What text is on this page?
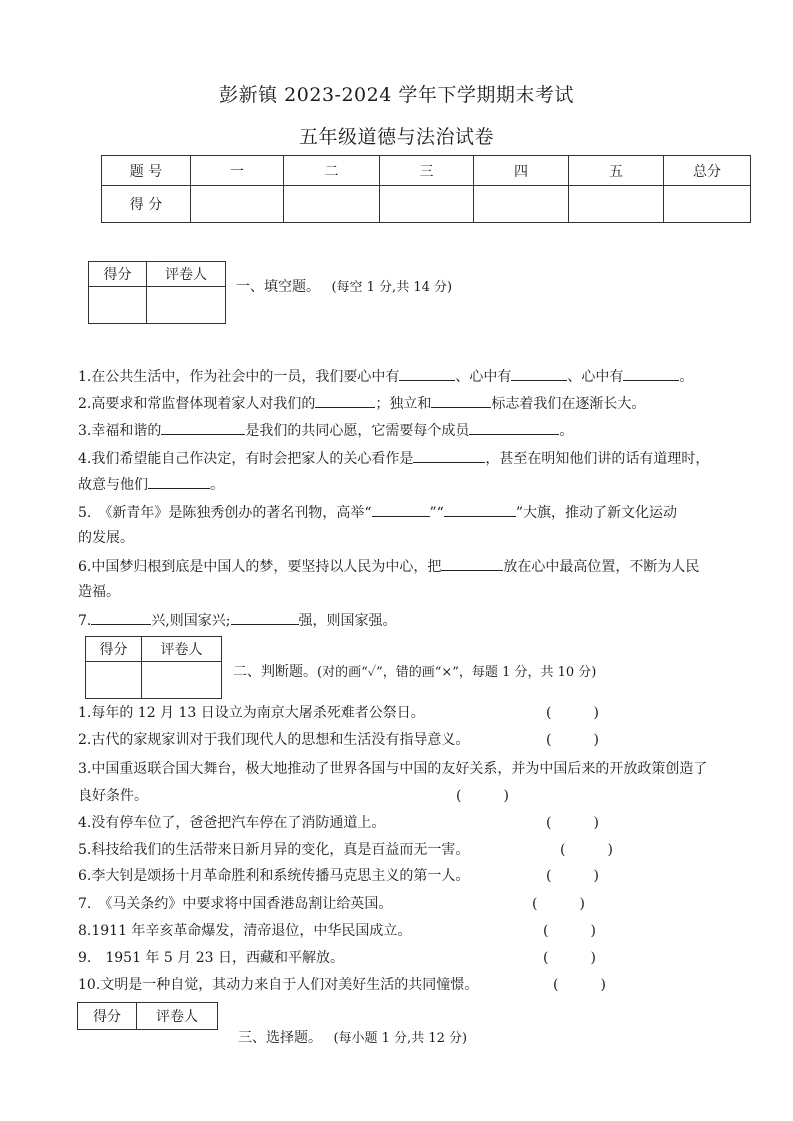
彭新镇 2023-2024 学年下学期期末考试
五年级道德与法治试卷
题 号	一	二	三	四	五	总分
得 分						
得分	评卷人

一、填空题。　 (每空 1 分,共 14 分)
1.在公共生活中，作为社会中的一员，我们要心中有	、心中有	、心中有	。
2.高要求和常监督体现着家人对我们的	；独立和	标志着我们在逐渐长大。
3.幸福和谐的	是我们的共同心愿，它需要每个成员	。
4.我们希望能自己作决定，有时会把家人的关心看作是	，甚至在明知他们讲的话有道理时，
故意与他们	。
5.　《新青年》是陈独秀创办的著名刊物，高举“	”“	”大旗，推动了新文化运动
的发展。
6.中国梦归根到底是中国人的梦，要坚持以人民为中心，把	放在心中最高位置，不断为人民
造福。
7.	兴,则国家兴;	强，则国家强。
得分	评卷人

二、判断题。(对的画“✓”，错的画“×”，每题 1 分，共 10 分)
1.每年的 12 月 13 日设立为南京大屠杀死难者公祭日。	(　　　)
2.古代的家规家训对于我们现代人的思想和生活没有指导意义。	(　　　)
3.中国重返联合国大舞台，极大地推动了世界各国与中国的友好关系，并为中国后来的开放政策创造了
良好条件。	(　　　)
4.没有停车位了，爸爸把汽车停在了消防通道上。	(　　　)
5.科技给我们的生活带来日新月异的变化，真是百益而无一害。	(　　　)
6.李大钊是颂扬十月革命胜利和系统传播马克思主义的第一人。	(　　　)
7.　《马关条约》中要求将中国香港岛割让给英国。	(　　　)
8.1911 年辛亥革命爆发，清帝退位，中华民国成立。	(　　　)
9.　1951 年 5 月 23 日，西藏和平解放。	(　　　)
10.文明是一种自觉，其动力来自于人们对美好生活的共同憧憬。	(　　　)
得分	评卷人
三、选择题。　 (每小题 1 分,共 12 分)
